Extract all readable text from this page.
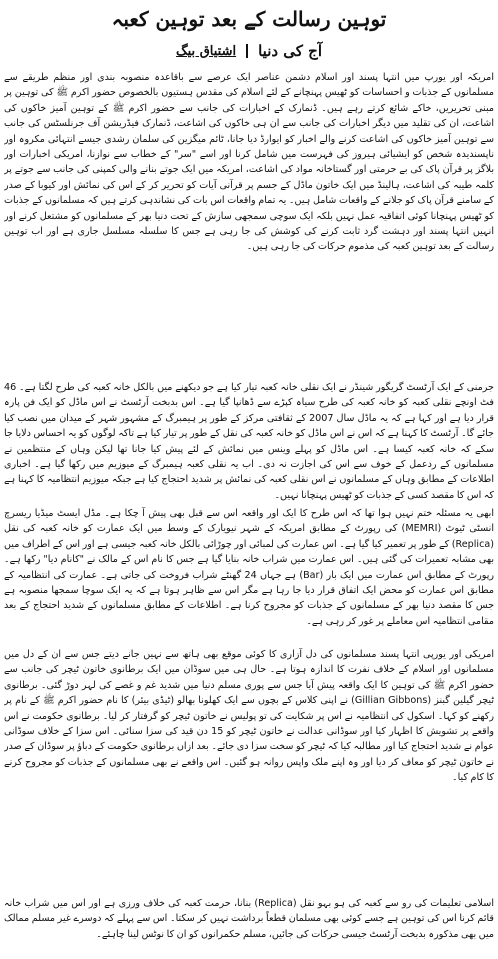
توہین رسالت کے بعد توہین کعبہ
آج کی دنیا
اشتیاق بیگ

امریکہ اور یورپ میں انتہا پسند اور اسلام دشمن عناصر ایک عرصے سے باقاعدہ منصوبہ بندی اور منظم طریقے سے مسلمانوں کے جذبات و احساسات کو ٹھیس پہنچانے کے لئے اسلام کی مقدس ہستیوں بالخصوص حضور اکرم ﷺ کی توہین پر مبنی تحریریں، خاکے شائع کرتے رہے ہیں۔ ڈنمارک کے اخبارات کی جانب سے حضور اکرم ﷺ کے توہین آمیز خاکوں کی اشاعت، ان کی تقلید میں دیگر اخبارات کی جانب سے ان ہی خاکوں کی اشاعت، ڈنمارک فیڈریشن آف جرنلسٹس کی جانب سے توہین آمیز خاکوں کی اشاعت کرنے والے اخبار کو ایوارڈ دیا جانا، ٹائم میگزین کی سلمان رشدی جیسے انتہائی مکروہ اور ناپسندیدہ شخص کو ایشیائی ہیروز کی فہرست میں شامل کرنا اور اسے "سر" کے خطاب سے نوازنا، امریکی اخبارات اور بلاگز پر قرآن پاک کی بے حرمتی اور گستاخانہ مواد کی اشاعت، امریکہ میں ایک جوتے بنانے والی کمپنی کی جانب سے جوتے پر کلمہ طیبہ کی اشاعت، ہالینڈ میں ایک خاتون ماڈل کے جسم پر قرآنی آیات کو تحریر کر کے اس کی نمائش اور کیوبا کے صدر کے سامنے قرآن پاک کو جلانے کے واقعات شامل ہیں۔ یہ تمام واقعات اس بات کی نشاندہی کرتے ہیں کہ مسلمانوں کے جذبات کو ٹھیس پہنچانا کوئی اتفاقیہ عمل نہیں بلکہ ایک سوچی سمجھی سازش کے تحت دنیا بھر کے مسلمانوں کو مشتعل کرنے اور انہیں انتہا پسند اور دہشت گرد ثابت کرنے کی کوشش کی جا رہی ہے جس کا سلسلہ مسلسل جاری ہے اور اب توہین رسالت کے بعد توہین کعبہ کی مذموم حرکات کی جا رہی ہیں۔

جرمنی کے ایک آرٹسٹ گریگور شینڈر نے ایک نقلی خانہ کعبہ تیار کیا ہے جو دیکھنے میں بالکل خانہ کعبہ کی طرح لگتا ہے۔ 46 فٹ اونچے نقلی کعبہ کو خانہ کعبہ کی طرح سیاہ کپڑے سے ڈھانپا گیا ہے۔ اس بدبخت آرٹسٹ نے اس ماڈل کو ایک فن پارہ قرار دیا ہے اور کہا ہے کہ یہ ماڈل سال 2007 کے ثقافتی مرکز کے طور پر ہیمبرگ کے مشہور شہر کے میدان میں نصب کیا جائے گا۔ آرٹسٹ کا کہنا ہے کہ اس نے اس ماڈل کو خانہ کعبہ کی نقل کے طور پر تیار کیا ہے تاکہ لوگوں کو یہ احساس دلایا جا سکے کہ خانہ کعبہ کیسا ہے۔ اس ماڈل کو پہلے وینس میں نمائش کے لئے پیش کیا جانا تھا لیکن وہاں کے منتظمین نے مسلمانوں کے ردعمل کے خوف سے اس کی اجازت نہ دی۔ اب یہ نقلی کعبہ ہیمبرگ کے میوزیم میں رکھا گیا ہے۔ اخباری اطلاعات کے مطابق وہاں کے مسلمانوں نے اس نقلی کعبہ کی نمائش پر شدید احتجاج کیا ہے جبکہ میوزیم انتظامیہ کا کہنا ہے کہ اس کا مقصد کسی کے جذبات کو ٹھیس پہنچانا نہیں۔

ابھی یہ مسئلہ ختم نہیں ہوا تھا کہ اس طرح کا ایک اور واقعہ اس سے قبل بھی پیش آ چکا ہے۔ مڈل ایسٹ میڈیا ریسرچ انسٹی ٹیوٹ (MEMRI) کی رپورٹ کے مطابق امریکہ کے شہر نیویارک کے وسط میں ایک عمارت کو خانہ کعبہ کی نقل (Replica) کے طور پر تعمیر کیا گیا ہے۔ اس عمارت کی لمبائی اور چوڑائی بالکل خانہ کعبہ جیسی ہے اور اس کے اطراف میں بھی مشابہ تعمیرات کی گئی ہیں۔ اس عمارت میں شراب خانہ بنایا گیا ہے جس کا نام اس کے مالک نے "کانام دیا" رکھا ہے۔ رپورٹ کے مطابق اس عمارت میں ایک بار (Bar) ہے جہاں 24 گھنٹے شراب فروخت کی جاتی ہے۔ عمارت کی انتظامیہ کے مطابق اس عمارت کو محض ایک اتفاق قرار دیا جا رہا ہے مگر اس سے ظاہر ہوتا ہے کہ یہ ایک سوچا سمجھا منصوبہ ہے جس کا مقصد دنیا بھر کے مسلمانوں کے جذبات کو مجروح کرنا ہے۔ اطلاعات کے مطابق مسلمانوں کے شدید احتجاج کے بعد مقامی انتظامیہ اس معاملے پر غور کر رہی ہے۔

امریکی اور یورپی انتہا پسند مسلمانوں کی دل آزاری کا کوئی موقع بھی ہاتھ سے نہیں جانے دیتے جس سے ان کے دل میں مسلمانوں اور اسلام کے خلاف نفرت کا اندازہ ہوتا ہے۔ حال ہی میں سوڈان میں ایک برطانوی خاتون ٹیچر کی جانب سے حضور اکرم ﷺ کی توہین کا ایک واقعہ پیش آیا جس سے پوری مسلم دنیا میں شدید غم و غصے کی لہر دوڑ گئی۔ برطانوی ٹیچر گیلین گبنز (Gillian Gibbons) نے اپنی کلاس کے بچوں سے ایک کھلونا بھالو (ٹیڈی بیئر) کا نام حضور اکرم ﷺ کے نام پر رکھنے کو کہا۔ اسکول کی انتظامیہ نے اس پر شکایت کی تو پولیس نے خاتون ٹیچر کو گرفتار کر لیا۔ برطانوی حکومت نے اس واقعے پر تشویش کا اظہار کیا اور سوڈانی عدالت نے خاتون ٹیچر کو 15 دن قید کی سزا سنائی۔ اس سزا کے خلاف سوڈانی عوام نے شدید احتجاج کیا اور مطالبہ کیا کہ ٹیچر کو سخت سزا دی جائے۔ بعد ازاں برطانوی حکومت کے دباؤ پر سوڈان کے صدر نے خاتون ٹیچر کو معاف کر دیا اور وہ اپنے ملک واپس روانہ ہو گئیں۔ اس واقعے نے بھی مسلمانوں کے جذبات کو مجروح کرنے کا کام کیا۔

اسلامی تعلیمات کی رو سے کعبہ کی ہو بہو نقل (Replica) بنانا، حرمت کعبہ کی خلاف ورزی ہے اور اس میں شراب خانہ قائم کرنا اس کی توہین ہے جسے کوئی بھی مسلمان قطعاً برداشت نہیں کر سکتا۔ اس سے پہلے کہ دوسرے غیر مسلم ممالک میں بھی مذکورہ بدبخت آرٹسٹ جیسی حرکات کی جائیں، مسلم حکمرانوں کو ان کا نوٹس لینا چاہئے۔
